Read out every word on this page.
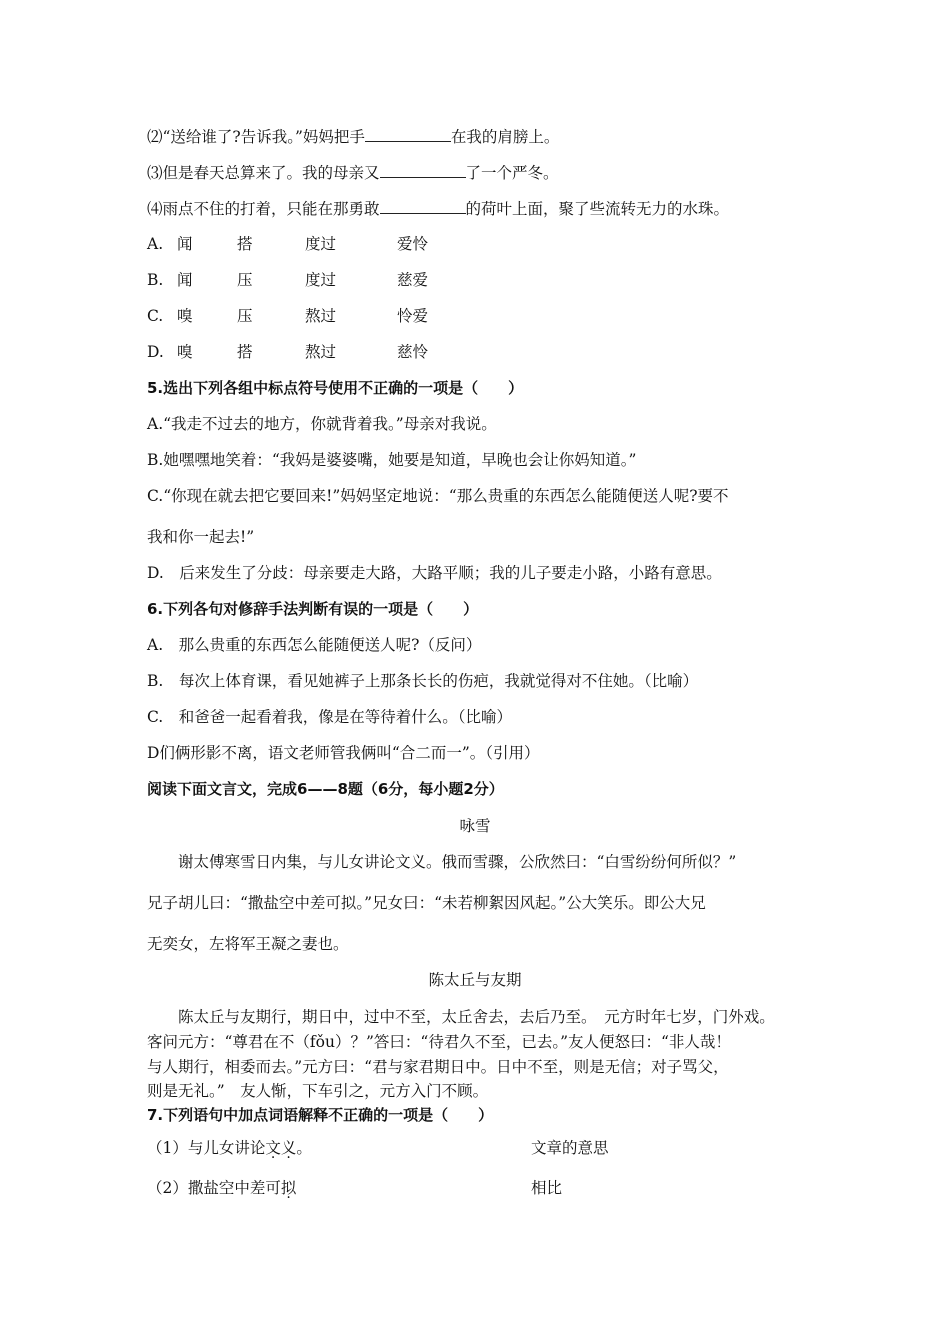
⑵“送给谁了?告诉我。”妈妈把手	在我的肩膀上。
⑶但是春天总算来了。我的母亲又	了一个严冬。
⑷雨点不住的打着，只能在那勇敢	的荷叶上面，聚了些流转无力的水珠。
A. 闻	搭	度过	爱怜
B. 闻	压	度过	慈爱
C. 嗅	压	熬过	怜爱
D. 嗅	搭	熬过	慈怜
5.选出下列各组中标点符号使用不正确的一项是（　　）
A.“我走不过去的地方，你就背着我。”母亲对我说。
B.她嘿嘿地笑着：“我妈是婆婆嘴，她要是知道，早晚也会让你妈知道。”
C.“你现在就去把它要回来!”妈妈坚定地说：“那么贵重的东西怎么能随便送人呢?要不
我和你一起去!”
D.　后来发生了分歧：母亲要走大路，大路平顺；我的儿子要走小路，小路有意思。
6.下列各句对修辞手法判断有误的一项是（　　）
A.　那么贵重的东西怎么能随便送人呢?（反问）
B.　每次上体育课，看见她裤子上那条长长的伤疤，我就觉得对不住她。（比喻）
C.　和爸爸一起看着我，像是在等待着什么。（比喻）
D们俩形影不离，语文老师管我俩叫“合二而一”。（引用）
阅读下面文言文，完成6——8题（6分，每小题2分）
咏雪
　　谢太傅寒雪日内集，与儿女讲论文义。俄而雪骤，公欣然曰：“白雪纷纷何所似？”
兄子胡儿曰：“撒盐空中差可拟。”兄女曰：“未若柳絮因风起。”公大笑乐。即公大兄
无奕女，左将军王凝之妻也。
陈太丘与友期
　　陈太丘与友期行，期日中，过中不至，太丘舍去，去后乃至。　元方时年七岁，门外戏。
客问元方：“尊君在不（fǒu）？”答曰：“待君久不至，已去。”友人便怒曰：“非人哉！
与人期行，相委而去。”元方曰：“君与家君期日中。日中不至，则是无信；对子骂父，
则是无礼。”　友人惭，下车引之，元方入门不顾。
7.下列语句中加点词语解释不正确的一项是（　　）
（1）与儿女讲论文义。	文章的意思
（2）撒盐空中差可拟	相比
